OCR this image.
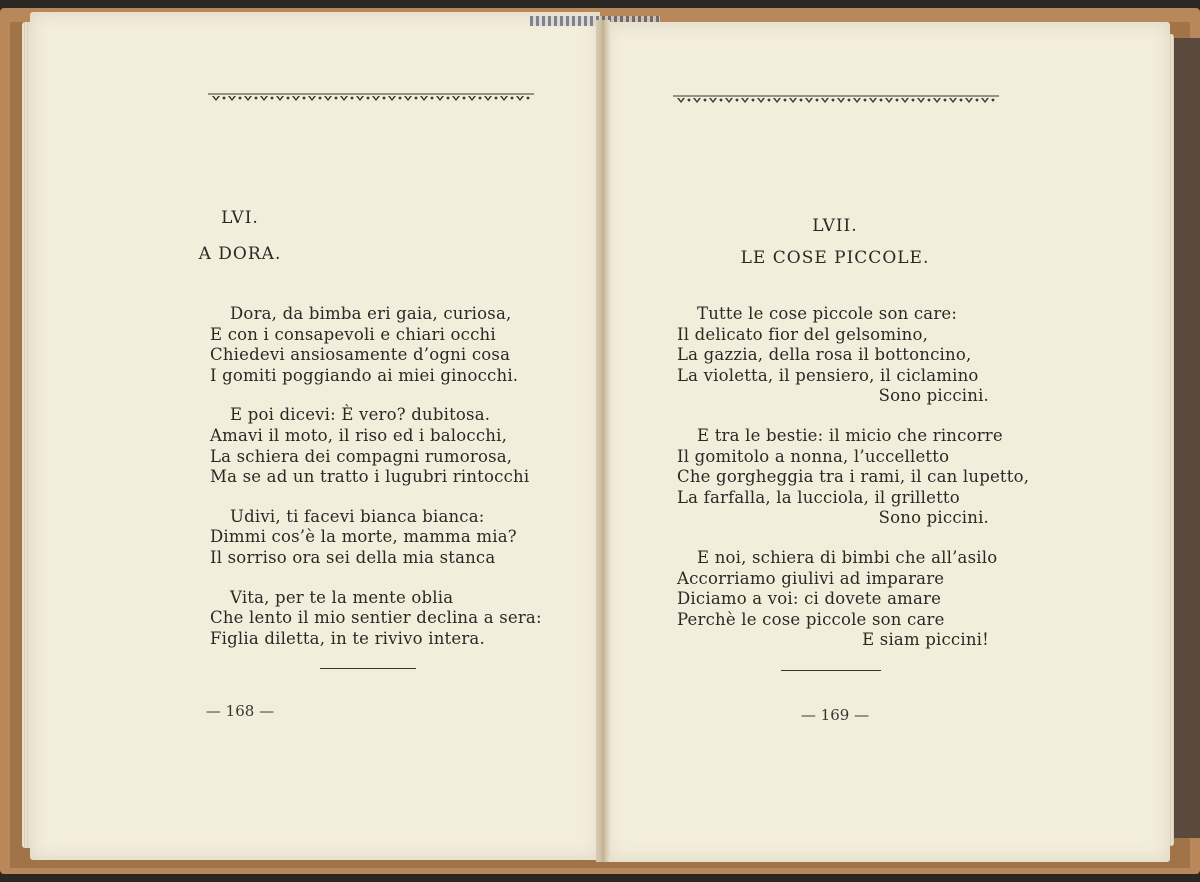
LVI.
A DORA.
Dora, da bimba eri gaia, curiosa,
E con i consapevoli e chiari occhi
Chiedevi ansiosamente d’ogni cosa
I gomiti poggiando ai miei ginocchi.
E poi dicevi: È vero? dubitosa.
Amavi il moto, il riso ed i balocchi,
La schiera dei compagni rumorosa,
Ma se ad un tratto i lugubri rintocchi
Udivi, ti facevi bianca bianca:
Dimmi cos’è la morte, mamma mia?
Il sorriso ora sei della mia stanca
Vita, per te la mente oblia
Che lento il mio sentier declina a sera:
Figlia diletta, in te rivivo intera.
— 168 —
LVII.
LE COSE PICCOLE.
Tutte le cose piccole son care:
Il delicato fior del gelsomino,
La gazzia, della rosa il bottoncino,
La violetta, il pensiero, il ciclamino
Sono piccini.
E tra le bestie: il micio che rincorre
Il gomitolo a nonna, l’uccelletto
Che gorgheggia tra i rami, il can lupetto,
La farfalla, la lucciola, il grilletto
Sono piccini.
E noi, schiera di bimbi che all’asilo
Accorriamo giulivi ad imparare
Diciamo a voi: ci dovete amare
Perchè le cose piccole son care
E siam piccini!
— 169 —
